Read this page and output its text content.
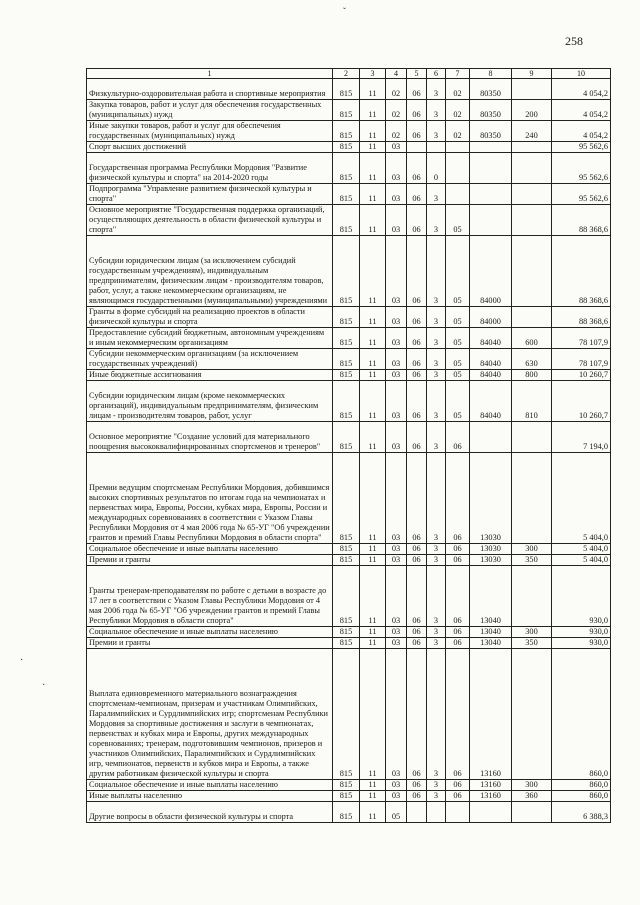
ˇ
258
·
·
1	2	3	4	5	6	7	8	9	10
Физкультурно-оздоровительная работа и спортивные мероприятия	815	11	02	06	3	02	80350		4 054,2
Закупка товаров, работ и услуг для обеспечения государственных (муниципальных) нужд	815	11	02	06	3	02	80350	200	4 054,2
Иные закупки товаров, работ и услуг для обеспечения государственных (муниципальных) нужд	815	11	02	06	3	02	80350	240	4 054,2
Спорт высших достижений	815	11	03						95 562,6
Государственная программа Республики Мордовия "Развитие физической культуры и спорта" на 2014-2020 годы	815	11	03	06	0				95 562,6
Подпрограмма "Управление развитием физической культуры и спорта"	815	11	03	06	3				95 562,6
Основное мероприятие "Государственная поддержка организаций, осуществляющих деятельность в области физической культуры и спорта"	815	11	03	06	3	05			88 368,6
Субсидии юридическим лицам (за исключением субсидий государственным учреждениям), индивидуальным предпринимателям, физическим лицам - производителям товаров, работ, услуг, а также некоммерческим организациям, не являющимся государственными (муниципальными) учреждениями	815	11	03	06	3	05	84000		88 368,6
Гранты в форме субсидий на реализацию проектов в области физической культуры и спорта	815	11	03	06	3	05	84000		88 368,6
Предоставление субсидий бюджетным, автономным учреждениям и иным некоммерческим организациям	815	11	03	06	3	05	84040	600	78 107,9
Субсидии некоммерческим организациям (за исключением государственных учреждений)	815	11	03	06	3	05	84040	630	78 107,9
Иные бюджетные ассигнования	815	11	03	06	3	05	84040	800	10 260,7
Субсидии юридическим лицам (кроме некоммерческих организаций), индивидуальным предпринимателям, физическим лицам - производителям товаров, работ, услуг	815	11	03	06	3	05	84040	810	10 260,7
Основное мероприятие "Создание условий для материального поощрения высококвалифицированных спортсменов и тренеров"	815	11	03	06	3	06			7 194,0
Премии ведущим спортсменам Республики Мордовия, добившимся высоких спортивных результатов по итогам года на чемпионатах и первенствах мира, Европы, России, кубках мира, Европы, России и международных соревнованиях в соответствии с Указом Главы Республики Мордовия от 4 мая 2006 года № 65-УГ "Об учреждении грантов и премий Главы Республики Мордовия в области спорта"	815	11	03	06	3	06	13030		5 404,0
Социальное обеспечение и иные выплаты населению	815	11	03	06	3	06	13030	300	5 404,0
Премии и гранты	815	11	03	06	3	06	13030	350	5 404,0
Гранты тренерам-преподавателям по работе с детьми в возрасте до 17 лет в соответствии с Указом Главы Республики Мордовия от 4 мая 2006 года № 65-УГ "Об учреждении грантов и премий Главы Республики Мордовия в области спорта"	815	11	03	06	3	06	13040		930,0
Социальное обеспечение и иные выплаты населению	815	11	03	06	3	06	13040	300	930,0
Премии и гранты	815	11	03	06	3	06	13040	350	930,0
Выплата единовременного материального вознаграждения спортсменам-чемпионам, призерам и участникам Олимпийских, Паралимпийских и Сурдлимпийских игр; спортсменам Республики Мордовия за спортивные достижения и заслуги в чемпионатах, первенствах и кубках мира и Европы, других международных соревнованиях; тренерам, подготовившим чемпионов, призеров и участников Олимпийских, Паралимпийских и Сурдлимпийских игр, чемпионатов, первенств и кубков мира и Европы, а также другим работникам физической культуры и спорта	815	11	03	06	3	06	13160		860,0
Социальное обеспечение и иные выплаты населению	815	11	03	06	3	06	13160	300	860,0
Иные выплаты населению	815	11	03	06	3	06	13160	360	860,0
Другие вопросы в области физической культуры и спорта	815	11	05						6 388,3
